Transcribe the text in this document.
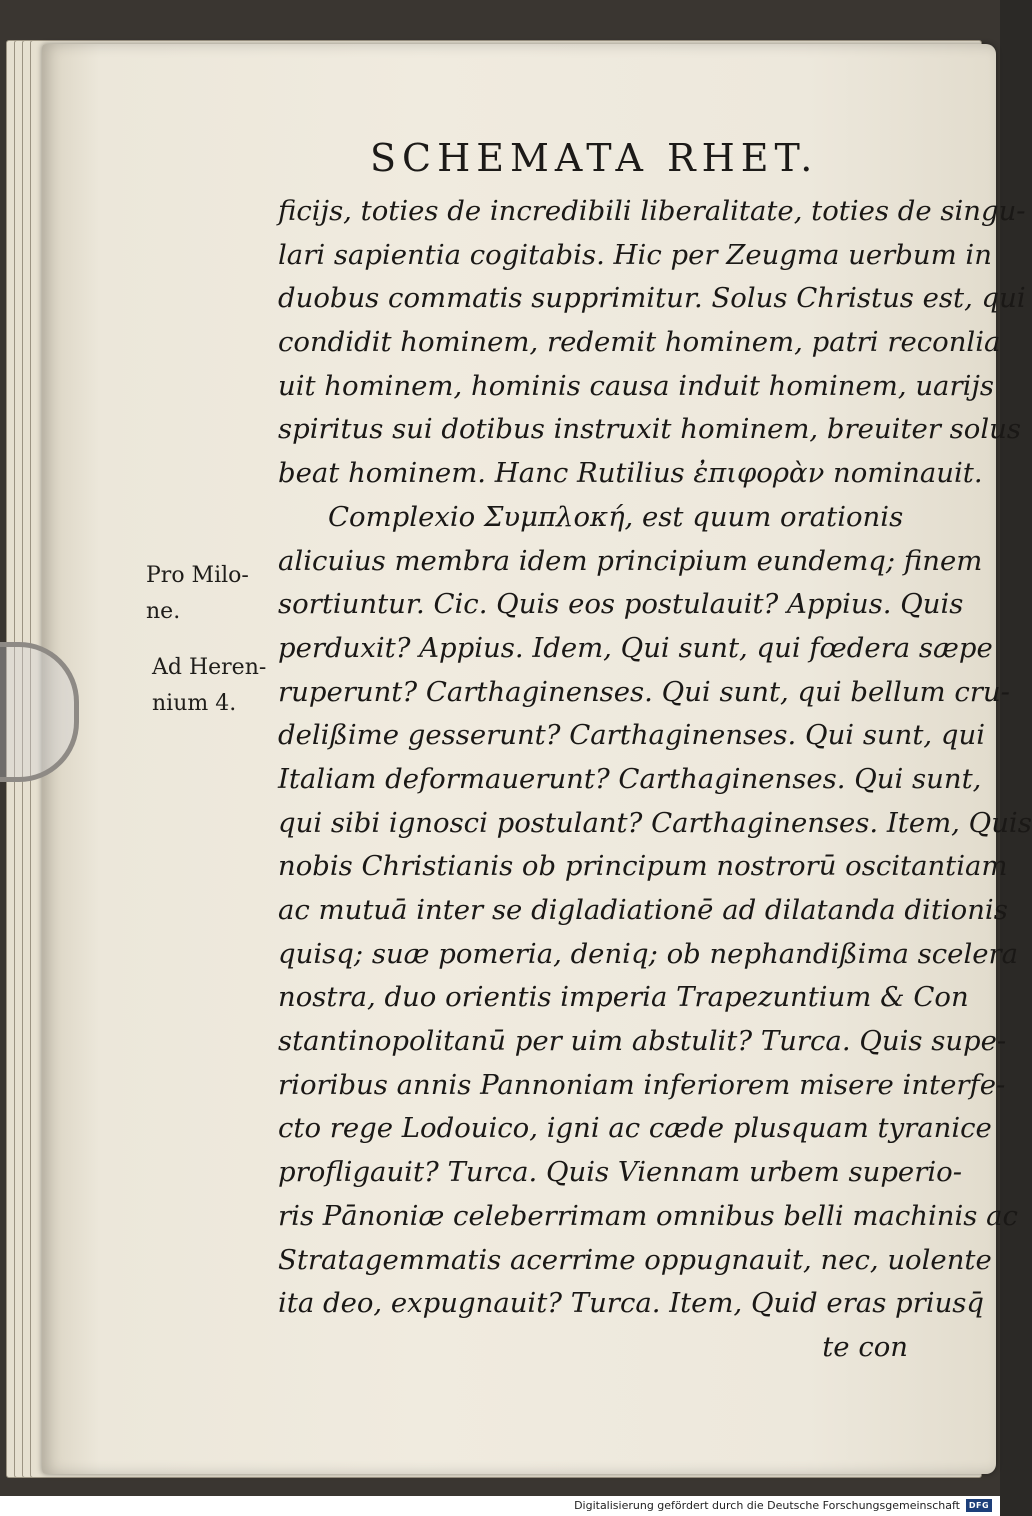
SCHEMATA RHET.
ficijs, toties de incredibili liberalitate, toties de singu-
lari sapientia cogitabis. Hic per Zeugma uerbum in
duobus commatis supprimitur. Solus Christus est, qui
condidit hominem, redemit hominem, patri reconlia
uit hominem, hominis causa induit hominem, uarijs
spiritus sui dotibus instruxit hominem, breuiter solus
beat hominem. Hanc Rutilius ἐπιφορὰν nominauit.
Complexio Συμπλοκή, est quum orationis
alicuius membra idem principium eundemq; finem
sortiuntur. Cic. Quis eos postulauit? Appius. Quis
perduxit? Appius. Idem, Qui sunt, qui fœdera sæpe
ruperunt? Carthaginenses. Qui sunt, qui bellum cru-
delißime gesserunt? Carthaginenses. Qui sunt, qui
Italiam deformauerunt? Carthaginenses. Qui sunt,
qui sibi ignosci postulant? Carthaginenses. Item, Quis
nobis Christianis ob principum nostrorū oscitantiam
ac mutuā inter se digladiationē ad dilatanda ditionis
quisq; suæ pomeria, deniq; ob nephandißima scelera
nostra, duo orientis imperia Trapezuntium & Con
stantinopolitanū per uim abstulit? Turca. Quis supe-
rioribus annis Pannoniam inferiorem misere interfe-
cto rege Lodouico, igni ac cæde plusquam tyranice
profligauit? Turca. Quis Viennam urbem superio-
ris Pānoniæ celeberrimam omnibus belli machinis ac
Stratagemmatis acerrime oppugnauit, nec, uolente
ita deo, expugnauit? Turca. Item, Quid eras priusq̄
te con
Pro Milo-
ne.
Ad Heren-
nium 4.
Digitalisierung gefördert durch die Deutsche Forschungsgemeinschaft	DFG
